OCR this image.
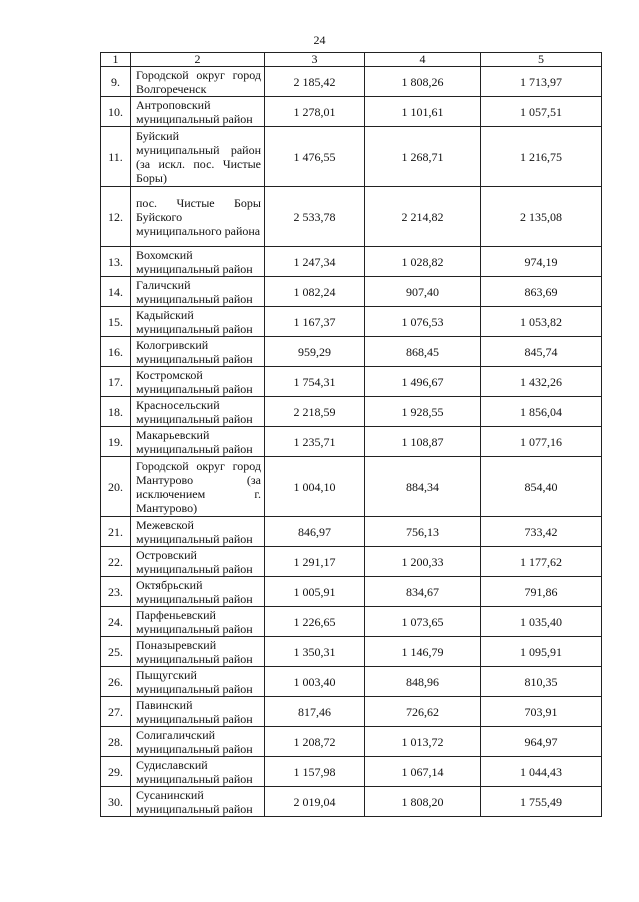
24
1	2	3	4	5
9.	Городской округ город Волгореченск	2 185,42	1 808,26	1 713,97
10.	Антроповский муниципальный район	1 278,01	1 101,61	1 057,51
11.	Буйский муниципальный район (за искл. пос. Чистые Боры)	1 476,55	1 268,71	1 216,75
12.	пос. Чистые Боры Буйского муниципального района	2 533,78	2 214,82	2 135,08
13.	Вохомский муниципальный район	1 247,34	1 028,82	974,19
14.	Галичский муниципальный район	1 082,24	907,40	863,69
15.	Кадыйский муниципальный район	1 167,37	1 076,53	1 053,82
16.	Кологривский муниципальный район	959,29	868,45	845,74
17.	Костромской муниципальный район	1 754,31	1 496,67	1 432,26
18.	Красносельский муниципальный район	2 218,59	1 928,55	1 856,04
19.	Макарьевский муниципальный район	1 235,71	1 108,87	1 077,16
20.	Городской округ город Мантурово (за исключением г. Мантурово)	1 004,10	884,34	854,40
21.	Межевской муниципальный район	846,97	756,13	733,42
22.	Островский муниципальный район	1 291,17	1 200,33	1 177,62
23.	Октябрьский муниципальный район	1 005,91	834,67	791,86
24.	Парфеньевский муниципальный район	1 226,65	1 073,65	1 035,40
25.	Поназыревский муниципальный район	1 350,31	1 146,79	1 095,91
26.	Пыщугский муниципальный район	1 003,40	848,96	810,35
27.	Павинский муниципальный район	817,46	726,62	703,91
28.	Солигаличский муниципальный район	1 208,72	1 013,72	964,97
29.	Судиславский муниципальный район	1 157,98	1 067,14	1 044,43
30.	Сусанинский муниципальный район	2 019,04	1 808,20	1 755,49
